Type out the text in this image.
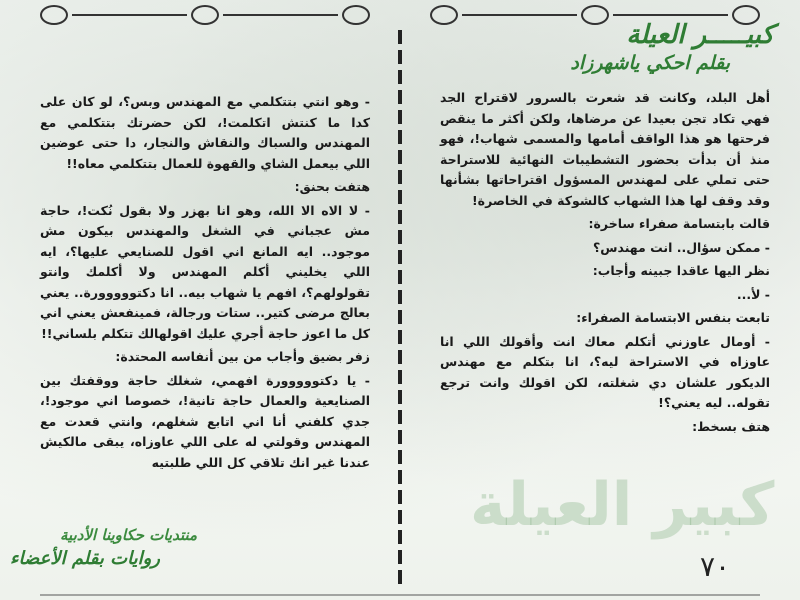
كبيـــــر العيلة
بقلم احكي ياشهرزاد

أهل البلد، وكانت قد شعرت بالسرور لاقتراح الجد فهي تكاد تجن بعيدا عن مرضاها، ولكن أكثر ما ينقص فرحتها هو هذا الواقف أمامها والمسمى شهاب!، فهو منذ أن بدأت بحضور التشطيبات النهائية للاستراحة حتى تملي على لمهندس المسؤول اقتراحاتها بشأنها وقد وقف لها هذا الشهاب كالشوكة في الخاصرة!

قالت بابتسامة صفراء ساخرة:

- ممكن سؤال.. انت مهندس؟

نظر اليها عاقدا جبينه وأجاب:

- لأ...

تابعت بنفس الابتسامة الصفراء:

- أومال عاوزني أتكلم معاك انت وأقولك اللي انا عاوزاه في الاستراحة ليه؟، انا بتكلم مع مهندس الديكور علشان دي شغلته، لكن اقولك وانت ترجع تقوله.. ليه يعني؟!

هتف بسخط:

- وهو انتي بتتكلمي مع المهندس وبس؟، لو كان على كدا ما كنتش اتكلمت!، لكن حضرتك بتتكلمي مع المهندس والسباك والنقاش والنجار، دا حتى عوضين اللي بيعمل الشاي والقهوة للعمال بتتكلمي معاه!!

هتفت بحنق:

- لا الاه الا الله، وهو انا بهزر ولا بقول نُكت!، حاجة مش عجباني في الشغل والمهندس بيكون مش موجود.. ايه المانع اني اقول للصنايعي عليها؟، ايه اللي يخليني أكلم المهندس ولا أكلمك وانتو تقولولهم؟، افهم يا شهاب بيه.. انا دكتووووورة.. يعني بعالج مرضى كتير.. ستات ورجالة، فمينفعش يعني اني كل ما اعوز حاجة أجري عليك اقولهالك تتكلم بلساني!!

زفر بضيق وأجاب من بين أنفاسه المحتدة:

- يا دكتووووورة افهمي، شغلك حاجة ووقفتك بين الصنايعية والعمال حاجة تانية!، خصوصا اني موجود!، جدي كلفني أنا اني اتابع شغلهم، وانتي قعدت مع المهندس وقولتي له على اللي عاوزاه، يبقى مالكيش عندنا غير انك تلاقي كل اللي طلبتيه

كبير العيلة
منتديات حكاوينا الأدبية
روايات بقلم الأعضاء	٧٠
